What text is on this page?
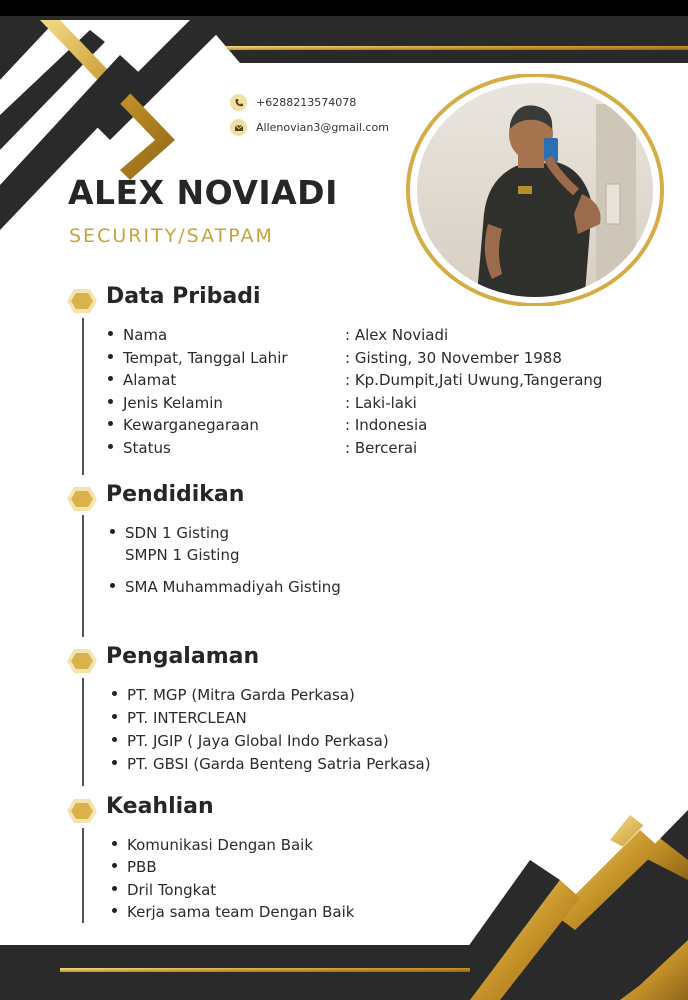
+6288213574078
Allenovian3@gmail.com
ALEX NOVIADI
SECURITY/SATPAM
Data Pribadi
Nama	: Alex Noviadi
Tempat, Tanggal Lahir	: Gisting, 30 November 1988
Alamat	: Kp.Dumpit,Jati Uwung,Tangerang
Jenis Kelamin	: Laki-laki
Kewarganegaraan	: Indonesia
Status	: Bercerai
Pendidikan
SDN 1 Gisting
SMPN 1 Gisting
SMA Muhammadiyah Gisting
Pengalaman
PT. MGP (Mitra Garda Perkasa)
PT. INTERCLEAN
PT. JGIP ( Jaya Global Indo Perkasa)
PT. GBSI (Garda Benteng Satria Perkasa)
Keahlian
Komunikasi Dengan Baik
PBB
Dril Tongkat
Kerja sama team Dengan Baik
